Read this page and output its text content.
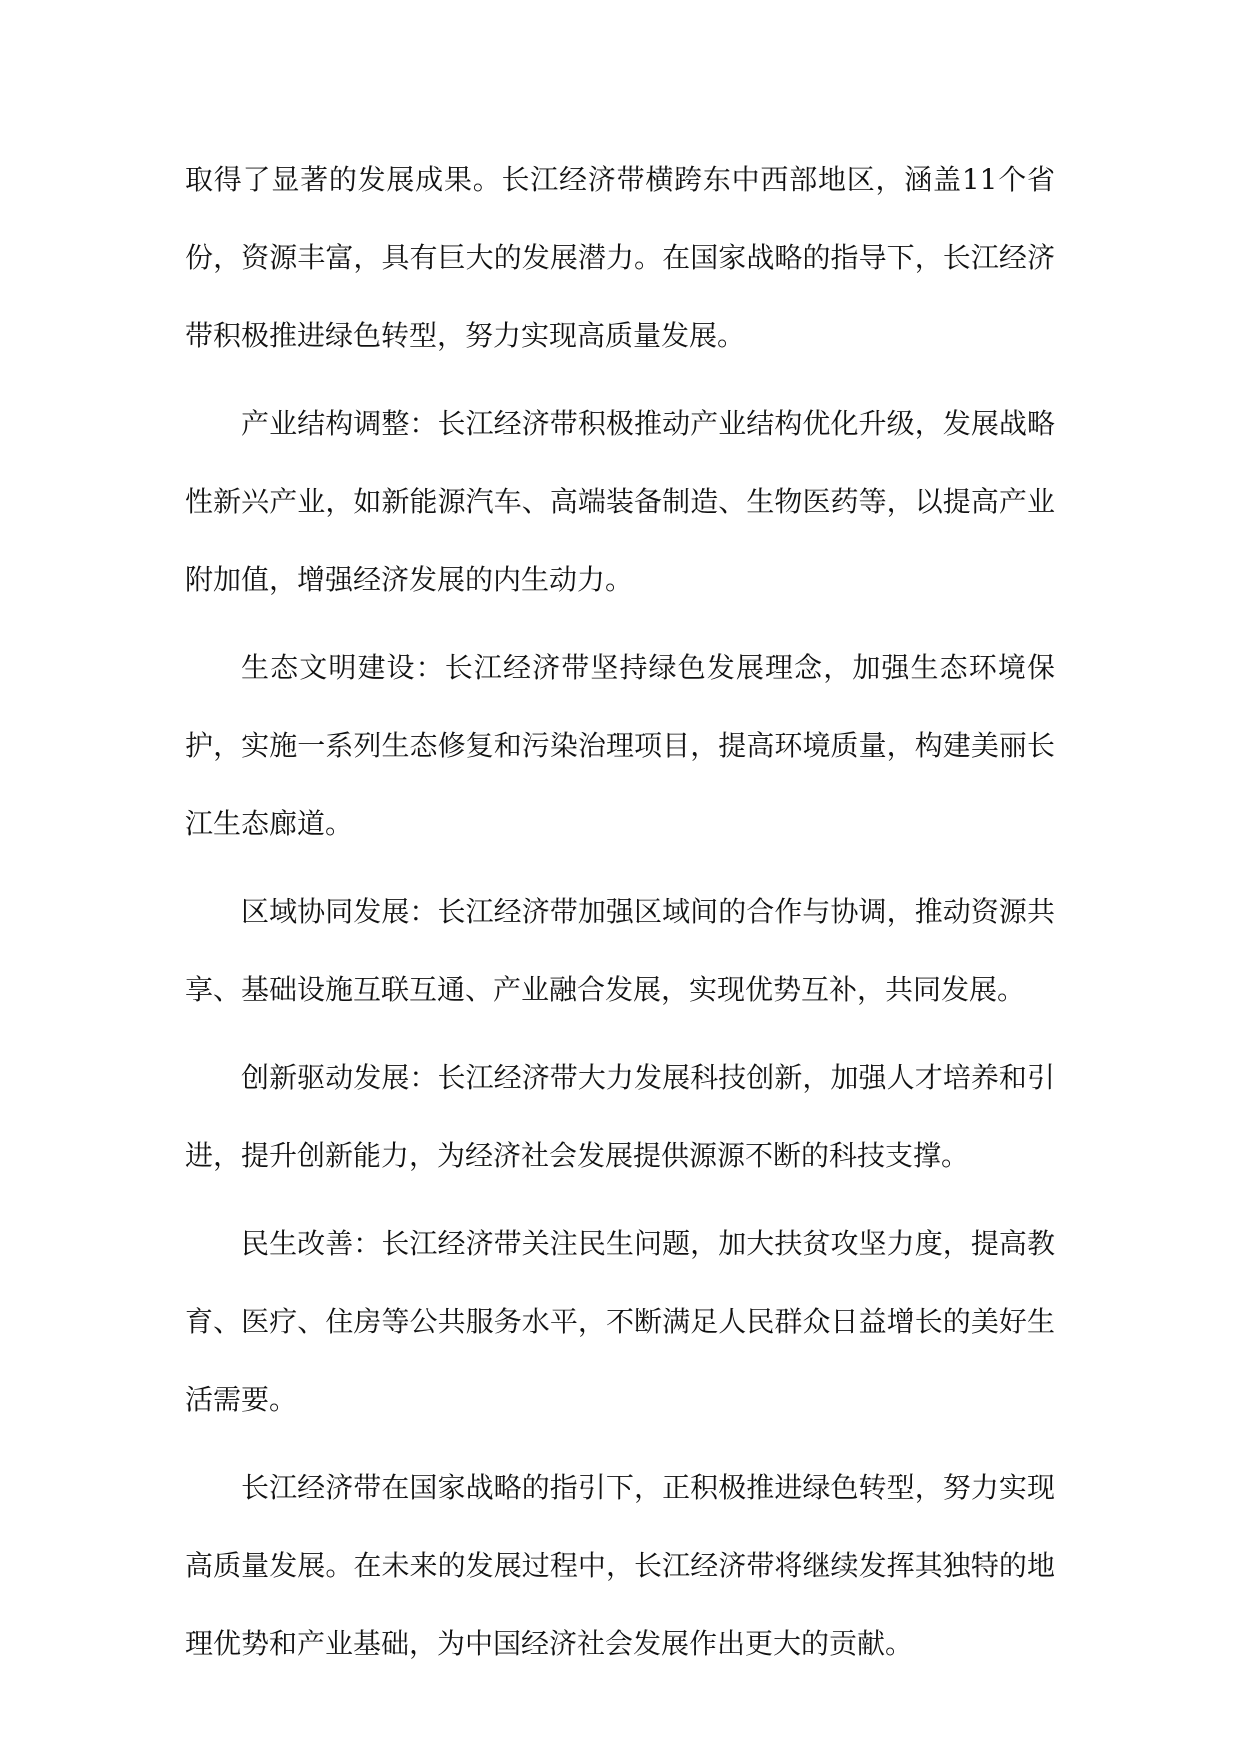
取得了显著的发展成果。长江经济带横跨东中西部地区，涵盖11个省份，资源丰富，具有巨大的发展潜力。在国家战略的指导下，长江经济带积极推进绿色转型，努力实现高质量发展。

产业结构调整：长江经济带积极推动产业结构优化升级，发展战略性新兴产业，如新能源汽车、高端装备制造、生物医药等，以提高产业附加值，增强经济发展的内生动力。

生态文明建设：长江经济带坚持绿色发展理念，加强生态环境保护，实施一系列生态修复和污染治理项目，提高环境质量，构建美丽长江生态廊道。

区域协同发展：长江经济带加强区域间的合作与协调，推动资源共享、基础设施互联互通、产业融合发展，实现优势互补，共同发展。

创新驱动发展：长江经济带大力发展科技创新，加强人才培养和引进，提升创新能力，为经济社会发展提供源源不断的科技支撑。

民生改善：长江经济带关注民生问题，加大扶贫攻坚力度，提高教育、医疗、住房等公共服务水平，不断满足人民群众日益增长的美好生活需要。

长江经济带在国家战略的指引下，正积极推进绿色转型，努力实现高质量发展。在未来的发展过程中，长江经济带将继续发挥其独特的地理优势和产业基础，为中国经济社会发展作出更大的贡献。
